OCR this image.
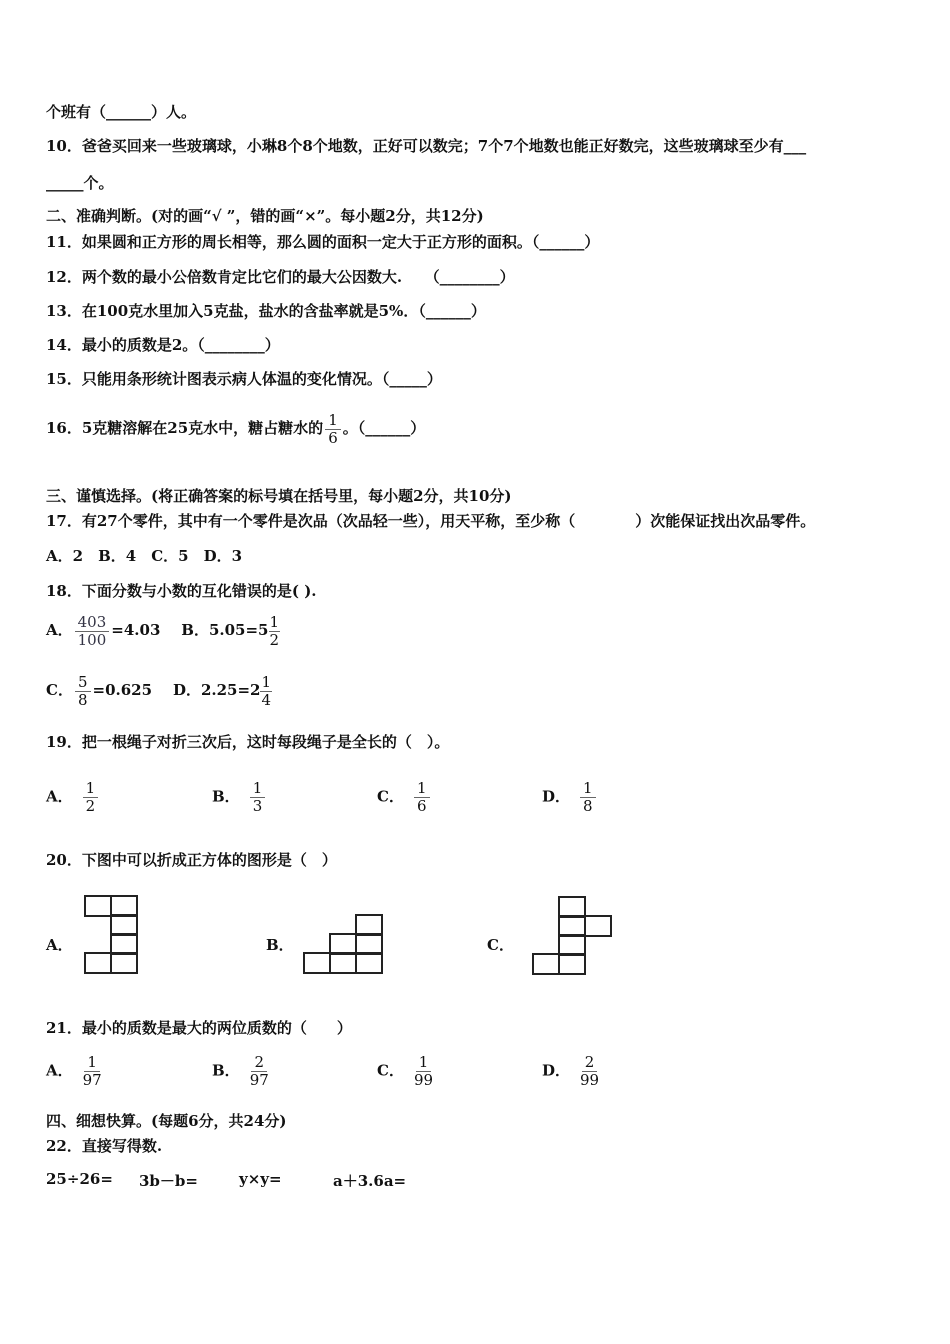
个班有（______）人。
10．爸爸买回来一些玻璃球，小琳8个8个地数，正好可以数完；7个7个地数也能正好数完，这些玻璃球至少有___
_____个。
二、准确判断。(对的画“√ ”，错的画“×”。每小题2分，共12分)
11．如果圆和正方形的周长相等，那么圆的面积一定大于正方形的面积。（______）
12．两个数的最小公倍数肯定比它们的最大公因数大.　　（________）
13．在100克水里加入5克盐，盐水的含盐率就是5%．（______）
14．最小的质数是2。（________）
15．只能用条形统计图表示病人体温的变化情况。（_____）
16．5克糖溶解在25克水中，糖占糖水的 $\frac{1}{6}$ 。（______）
三、谨慎选择。(将正确答案的标号填在括号里，每小题2分，共10分)
17．有27个零件，其中有一个零件是次品（次品轻一些），用天平称，至少称（　　　　）次能保证找出次品零件。
A．2　B．4　C．5　D．3
18．下面分数与小数的互化错误的是( ).
A． $\frac{403}{100} =4.03$ B．$5.05=5 \frac{1}{2}$
C． $\frac{5}{8} =0.625$ D．$2.25=2 \frac{1}{4}$
19．把一根绳子对折三次后，这时每段绳子是全长的（　）。
A． $\frac{1}{2}$	B． $\frac{1}{3}$	C． $\frac{1}{6}$	D． $\frac{1}{8}$
20．下图中可以折成正方体的图形是（　）
A．	B．	C．
21．最小的质数是最大的两位质数的（　　）
A． $\frac{1}{97}$	B． $\frac{2}{97}$	C． $\frac{1}{99}$	D． $\frac{2}{99}$
四、细想快算。(每题6分，共24分)
22．直接写得数.
25÷26= 3b－b=	y×y=	a＋3.6a=
